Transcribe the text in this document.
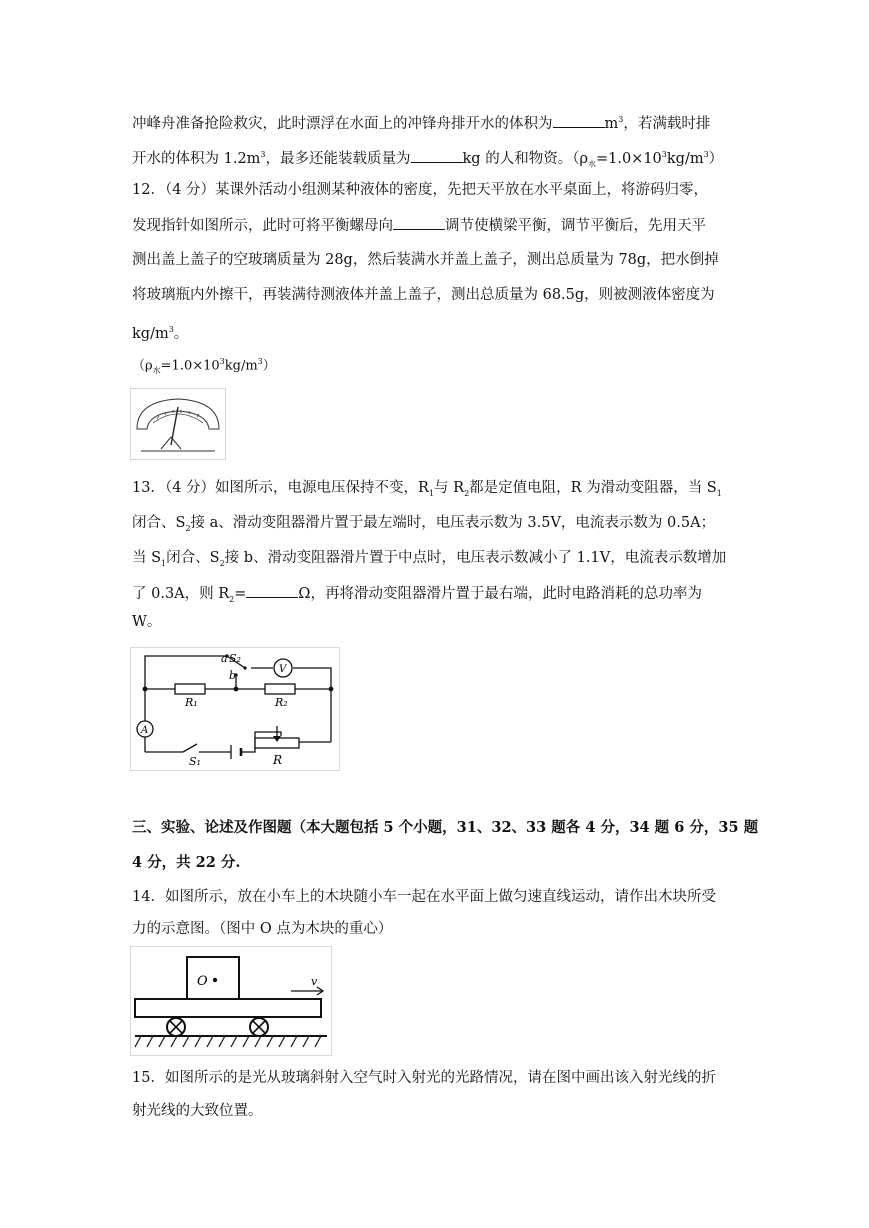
冲峰舟准备抢险救灾，此时漂浮在水面上的冲锋舟排开水的体积为	$m^3$，若满载时排
开水的体积为 $1.2m^3$，最多还能装载质量为	kg 的人和物资。$(\rho_水=1.0\times 10^3kg/m^3)$
12．（4 分）某课外活动小组测某种液体的密度，先把天平放在水平桌面上，将游码归零，
发现指针如图所示，此时可将平衡螺母向	调节使横梁平衡，调节平衡后，先用天平
测出盖上盖子的空玻璃质量为 28g，然后装满水并盖上盖子，测出总质量为 78g，把水倒掉
将玻璃瓶内外擦干，再装满待测液体并盖上盖子，测出总质量为 68.5g，则被测液体密度为
$kg/m^3$。
$(\rho_水=1.0\times 10^3kg/m^3)$
13．（4 分）如图所示，电源电压保持不变，$R_1$与 $R_2$都是定值电阻，R 为滑动变阻器，当 $S_1$
闭合、$S_2$接 a、滑动变阻器滑片置于最左端时，电压表示数为 3.5V，电流表示数为 0.5A；
当 $S_1$闭合、$S_2$接 b、滑动变阻器滑片置于中点时，电压表示数减小了 1.1V，电流表示数增加
了 0.3A，则 $R_2=$	Ω，再将滑动变阻器滑片置于最右端，此时电路消耗的总功率为
W。
S₂
a
b	V
R₁	R₂
A
S₁	R
三、实验、论述及作图题（本大题包括 5 个小题，31、32、33 题各 4 分，34 题 6 分，35 题
4 分，共 22 分.
14．如图所示，放在小车上的木块随小车一起在水平面上做匀速直线运动，请作出木块所受
力的示意图。（图中 O 点为木块的重心）
O	v
15．如图所示的是光从玻璃斜射入空气时入射光的光路情况，请在图中画出该入射光线的折
射光线的大致位置。
